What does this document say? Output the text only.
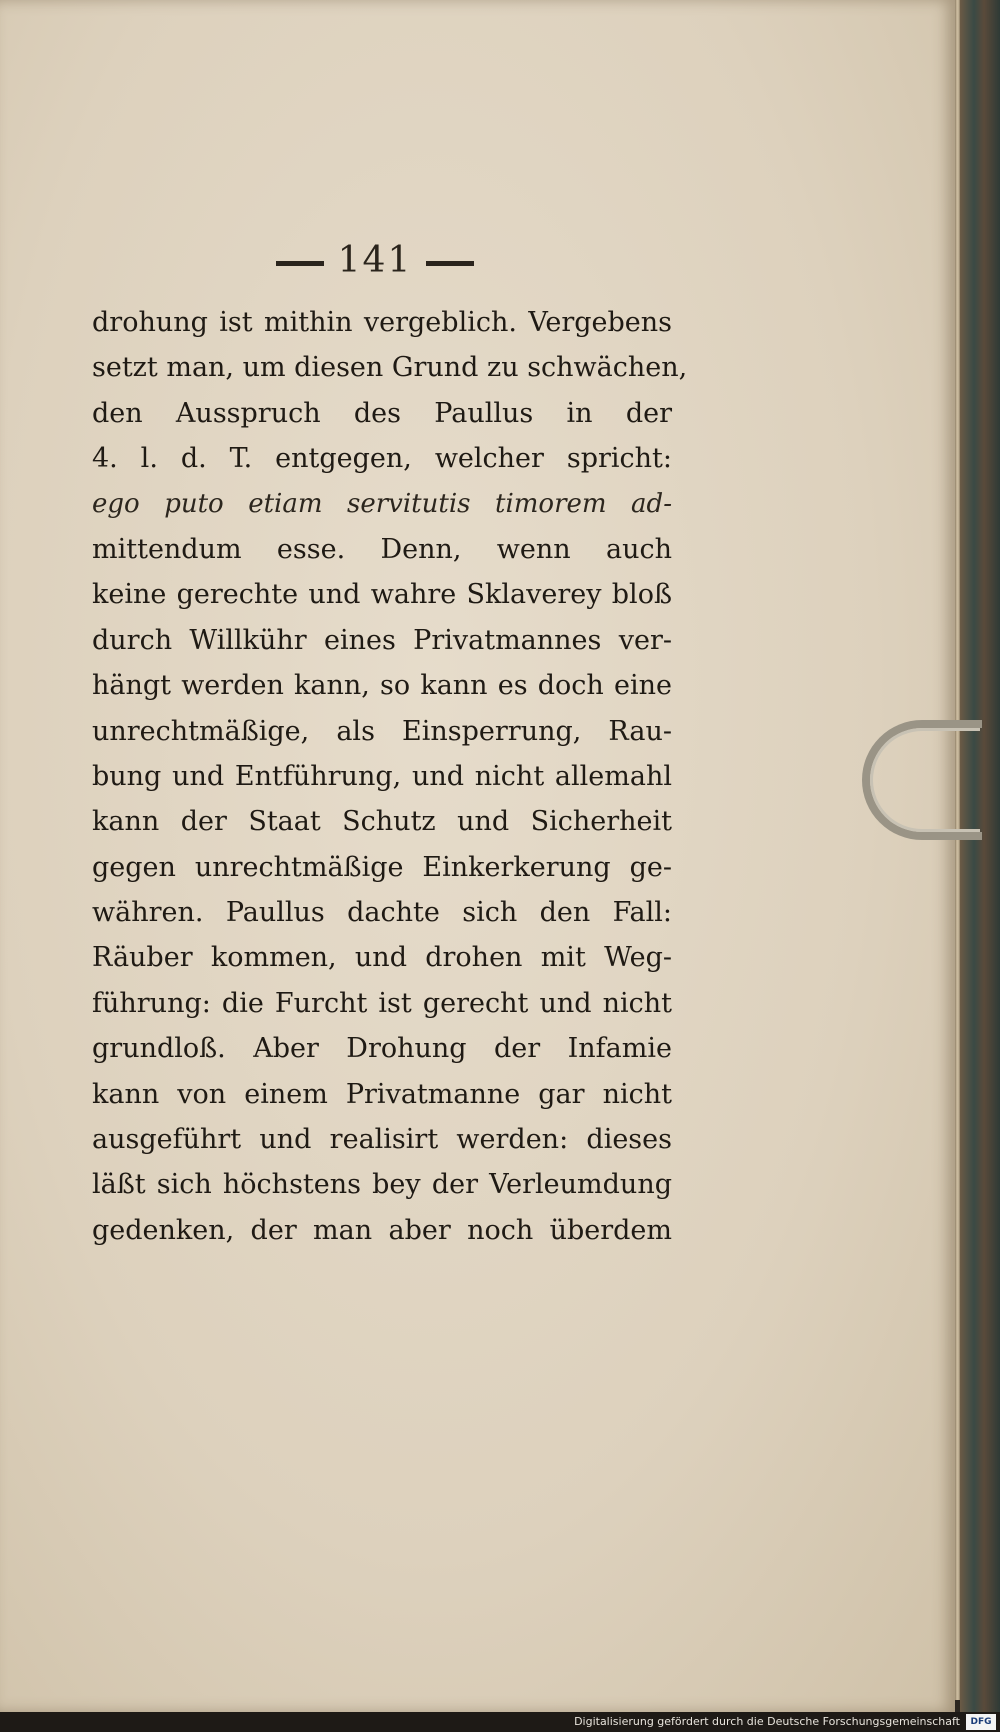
141
drohung ist mithin vergeblich. Vergebens
setzt man, um diesen Grund zu schwächen,
den Ausspruch des Paullus in der
4. l. d. T. entgegen, welcher spricht:
ego puto etiam servitutis timorem ad-
mittendum esse. Denn, wenn auch
keine gerechte und wahre Sklaverey bloß
durch Willkühr eines Privatmannes ver-
hängt werden kann, so kann es doch eine
unrechtmäßige, als Einsperrung, Rau-
bung und Entführung, und nicht allemahl
kann der Staat Schutz und Sicherheit
gegen unrechtmäßige Einkerkerung ge-
währen. Paullus dachte sich den Fall:
Räuber kommen, und drohen mit Weg-
führung: die Furcht ist gerecht und nicht
grundloß. Aber Drohung der Infamie
kann von einem Privatmanne gar nicht
ausgeführt und realisirt werden: dieses
läßt sich höchstens bey der Verleumdung
gedenken, der man aber noch überdem
Digitalisierung gefördert durch die Deutsche Forschungsgemeinschaft	DFG
